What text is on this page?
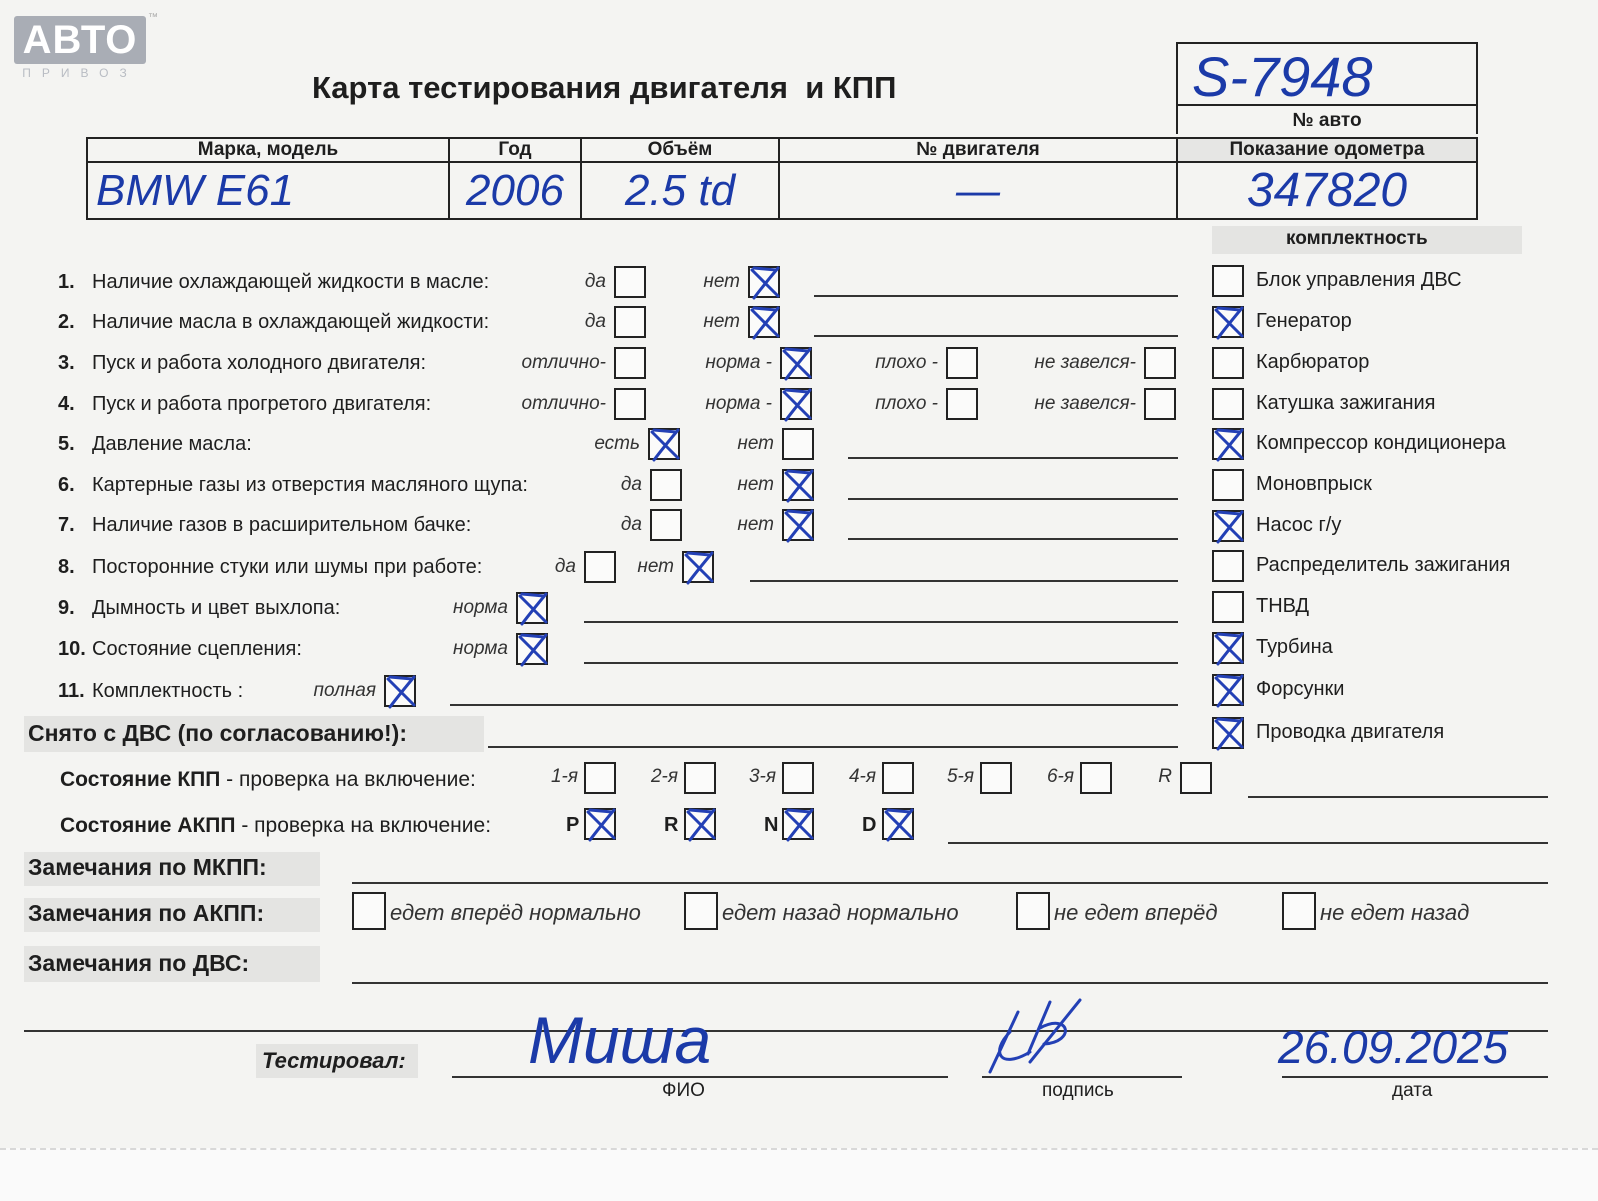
АВТО
ПРИВОЗ
™
Карта тестирования двигателя  и КПП	S-7948
№ авто
Марка, модель	Год	Объём	№ двигателя	Показание одометра
BMW E61	2006	2.5 td	—	347820
комплектность
1. Наличие охлаждающей жидкости в масле:	да	нет
2. Наличие масла в охлаждающей жидкости:	да	нет
3. Пуск и работа холодного двигателя:	отлично-	норма -	плохо -	не завелся-
4. Пуск и работа прогретого двигателя:	отлично-	норма -	плохо -	не завелся-
5. Давление масла:	есть	нет
6. Картерные газы из отверстия масляного щупа:	да	нет
7. Наличие газов в расширительном бачке:	да	нет
8. Посторонние стуки или шумы при работе:	да	нет
9. Дымность и цвет выхлопа:	норма
10. Состояние сцепления:	норма
11. Комплектность :	полная
Блок управления ДВС
Генератор
Карбюратор
Катушка зажигания
Компрессор кондиционера
Моновпрыск
Насос г/у
Распределитель зажигания
ТНВД
Турбина
Форсунки
Проводка двигателя
Снято с ДВС (по согласованию!):
Состояние КПП - проверка на включение:	1-я	2-я	3-я	4-я	5-я	6-я	R
Состояние АКПП - проверка на включение:	P	R	N	D
Замечания по МКПП:
Замечания по АКПП:	едет вперёд нормально	едет назад нормально	не едет вперёд	не едет назад
Замечания по ДВС:
Тестировал: Миша
ФИО	подпись
26.09.2025
дата
